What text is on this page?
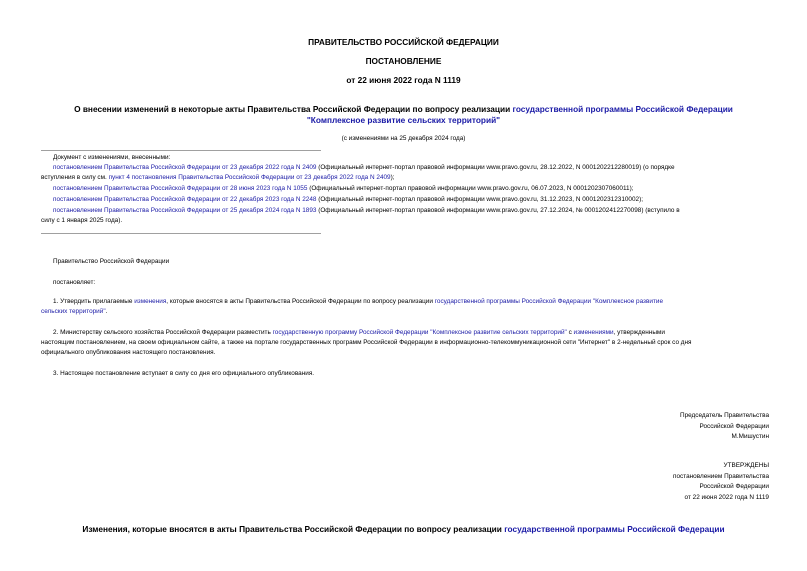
ПРАВИТЕЛЬСТВО РОССИЙСКОЙ ФЕДЕРАЦИИ
ПОСТАНОВЛЕНИЕ
от 22 июня 2022 года N 1119
О внесении изменений в некоторые акты Правительства Российской Федерации по вопросу реализации государственной программы Российской Федерации
"Комплексное развитие сельских территорий"
(с изменениями на 25 декабря 2024 года)
Документ с изменениями, внесенными:
постановлением Правительства Российской Федерации от 23 декабря 2022 года N 2409 (Официальный интернет-портал правовой информации www.pravo.gov.ru, 28.12.2022, N 0001202212280019) (о порядке
вступления в силу см. пункт 4 постановления Правительства Российской Федерации от 23 декабря 2022 года N 2409);
постановлением Правительства Российской Федерации от 28 июня 2023 года N 1055 (Официальный интернет-портал правовой информации www.pravo.gov.ru, 06.07.2023, N 0001202307060011);
постановлением Правительства Российской Федерации от 22 декабря 2023 года N 2248 (Официальный интернет-портал правовой информации www.pravo.gov.ru, 31.12.2023, N 0001202312310002);
постановлением Правительства Российской Федерации от 25 декабря 2024 года N 1893 (Официальный интернет-портал правовой информации www.pravo.gov.ru, 27.12.2024, № 0001202412270098) (вступило в
силу с 1 января 2025 года).
Правительство Российской Федерации
постановляет:
1. Утвердить прилагаемые изменения, которые вносятся в акты Правительства Российской Федерации по вопросу реализации государственной программы Российской Федерации "Комплексное развитие
сельских территорий".
2. Министерству сельского хозяйства Российской Федерации разместить государственную программу Российской Федерации "Комплексное развитие сельских территорий" с изменениями, утвержденными
настоящим постановлением, на своем официальном сайте, а также на портале государственных программ Российской Федерации в информационно-телекоммуникационной сети "Интернет" в 2-недельный срок со дня
официального опубликования настоящего постановления.
3. Настоящее постановление вступает в силу со дня его официального опубликования.
Председатель Правительства
Российской Федерации
М.Мишустин
УТВЕРЖДЕНЫ
постановлением Правительства
Российской Федерации
от 22 июня 2022 года N 1119
Изменения, которые вносятся в акты Правительства Российской Федерации по вопросу реализации государственной программы Российской Федерации
